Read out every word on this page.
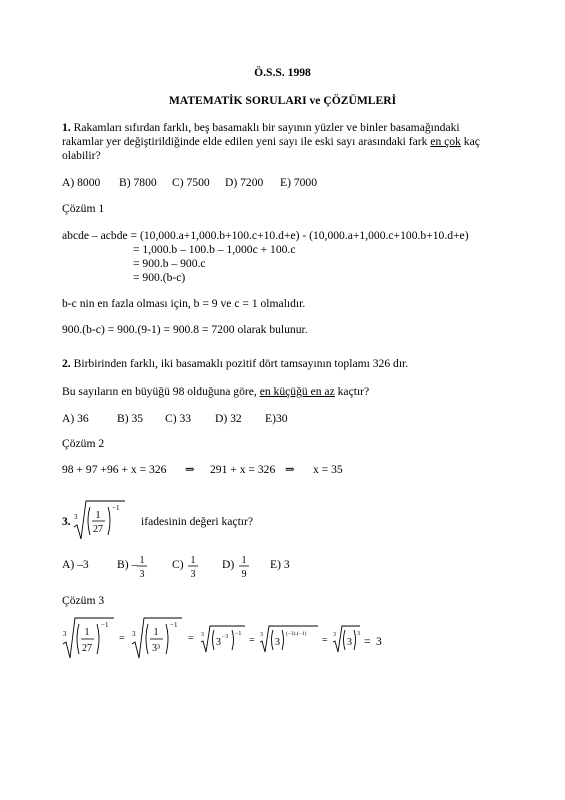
Ö.S.S. 1998
MATEMATİK SORULARI ve ÇÖZÜMLERİ
1. Rakamları sıfırdan farklı, beş basamaklı bir sayının yüzler ve binler basamağındaki
rakamlar yer değiştirildiğinde elde edilen yeni sayı ile eski sayı arasındaki fark en çok kaç
olabilir?
A) 8000 B) 7800 C) 7500 D) 7200 E) 7000
Çözüm 1
abcde – acbde = (10,000.a+1,000.b+100.c+10.d+e) - (10,000.a+1,000.c+100.b+10.d+e)
= 1,000.b – 100.b – 1,000c + 100.c
= 900.b – 900.c
= 900.(b-c)
b-c nin en fazla olması için, b = 9 ve c = 1 olmalıdır.
900.(b-c) = 900.(9-1) = 900.8 = 7200 olarak bulunur.
2. Birbirinden farklı, iki basamaklı pozitif dört tamsayının toplamı 326 dır.
Bu sayıların en büyüğü 98 olduğuna göre, en küçüğü en az kaçtır?
A) 36 B) 35 C) 33 D) 32 E)30
Çözüm 2
98 + 97 +96 + x = 326 ⇒ 291 + x = 326 ⇒ x = 35
3. 3 1
27
−1
ifadesinin değeri kaçtır?
A) –3 B) – 1
3
C) 1
3
D) 1
9
E) 3
Çözüm 3
3 1
27
−1
= 3 1
3³
−1
= 3
3 −3 −1
= 3
3
(−3).(−1)
= 3
3
3
= 3
